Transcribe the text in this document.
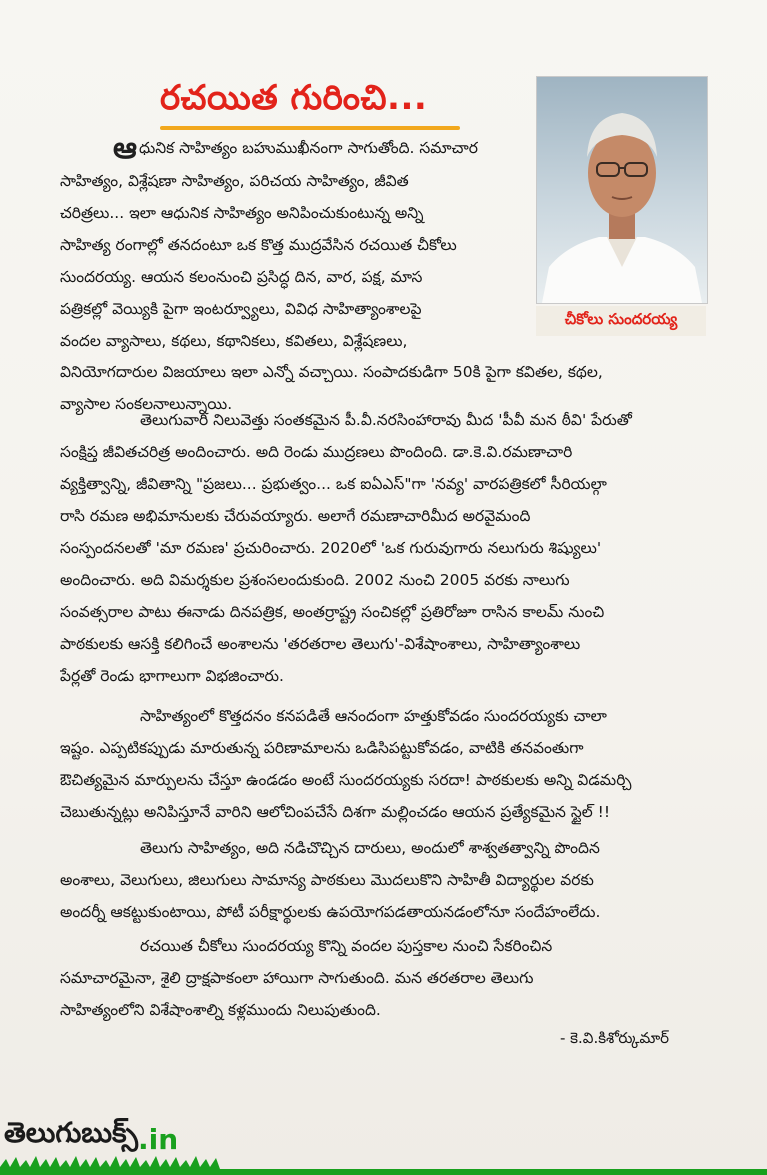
రచయిత గురించి...
చీకోలు సుందరయ్య
ఆధునిక సాహిత్యం బహుముఖీనంగా సాగుతోంది. సమాచార
సాహిత్యం, విశ్లేషణా సాహిత్యం, పరిచయ సాహిత్యం, జీవిత
చరిత్రలు... ఇలా ఆధునిక సాహిత్యం అనిపించుకుంటున్న అన్ని
సాహిత్య రంగాల్లో తనదంటూ ఒక కొత్త ముద్రవేసిన రచయిత చీకోలు
సుందరయ్య. ఆయన కలంనుంచి ప్రసిద్ధ దిన, వార, పక్ష, మాస
పత్రికల్లో వెయ్యికి పైగా ఇంటర్వ్యూలు, వివిధ సాహిత్యాంశాలపై
వందల వ్యాసాలు, కథలు, కథానికలు, కవితలు, విశ్లేషణలు,
వినియోగదారుల విజయాలు ఇలా ఎన్నో వచ్చాయి. సంపాదకుడిగా 50కి పైగా కవితల, కథల,
వ్యాసాల సంకలనాలున్నాయి.
తెలుగువారి నిలువెత్తు సంతకమైన పీ.వీ.నరసింహారావు మీద 'పీవీ మన ఠీవి' పేరుతో
సంక్షిప్త జీవితచరిత్ర అందించారు. అది రెండు ముద్రణలు పొందింది. డా.కె.వి.రమణాచారి
వ్యక్తిత్వాన్ని, జీవితాన్ని "ప్రజలు... ప్రభుత్వం... ఒక ఐఏఎస్"గా 'నవ్య' వారపత్రికలో సీరియల్గా
రాసి రమణ అభిమానులకు చేరువయ్యారు. అలాగే రమణాచారిమీద అరవైమంది
సంస్పందనలతో 'మా రమణ' ప్రచురించారు. 2020లో 'ఒక గురువుగారు నలుగురు శిష్యులు'
అందించారు. అది విమర్శకుల ప్రశంసలందుకుంది. 2002 నుంచి 2005 వరకు నాలుగు
సంవత్సరాల పాటు ఈనాడు దినపత్రిక, అంతర్రాష్ట్ర సంచికల్లో ప్రతిరోజూ రాసిన కాలమ్ నుంచి
పాఠకులకు ఆసక్తి కలిగించే అంశాలను 'తరతరాల తెలుగు'-విశేషాంశాలు, సాహిత్యాంశాలు
పేర్లతో రెండు భాగాలుగా విభజించారు.
సాహిత్యంలో కొత్తదనం కనపడితే ఆనందంగా హత్తుకోవడం సుందరయ్యకు చాలా
ఇష్టం. ఎప్పటికప్పుడు మారుతున్న పరిణామాలను ఒడిసిపట్టుకోవడం, వాటికి తనవంతుగా
ఔచిత్యమైన మార్పులను చేస్తూ ఉండడం అంటే సుందరయ్యకు సరదా! పాఠకులకు అన్ని విడమర్చి
చెబుతున్నట్లు అనిపిస్తూనే వారిని ఆలోచింపచేసే దిశగా మల్లించడం ఆయన ప్రత్యేకమైన స్టైల్ !!
తెలుగు సాహిత్యం, అది నడిచొచ్చిన దారులు, అందులో శాశ్వతత్వాన్ని పొందిన
అంశాలు, వెలుగులు, జిలుగులు సామాన్య పాఠకులు మొదలుకొని సాహితీ విద్యార్థుల వరకు
అందర్నీ ఆకట్టుకుంటాయి, పోటీ పరీక్షార్థులకు ఉపయోగపడతాయనడంలోనూ సందేహంలేదు.
రచయిత చీకోలు సుందరయ్య కొన్ని వందల పుస్తకాల నుంచి సేకరించిన
సమాచారమైనా, శైలి ద్రాక్షపాకంలా హాయిగా సాగుతుంది. మన తరతరాల తెలుగు
సాహిత్యంలోని విశేషాంశాల్ని కళ్లముందు నిలుపుతుంది.
- కె.వి.కిశోర్కుమార్
తెలుగుబుక్స్ . in
